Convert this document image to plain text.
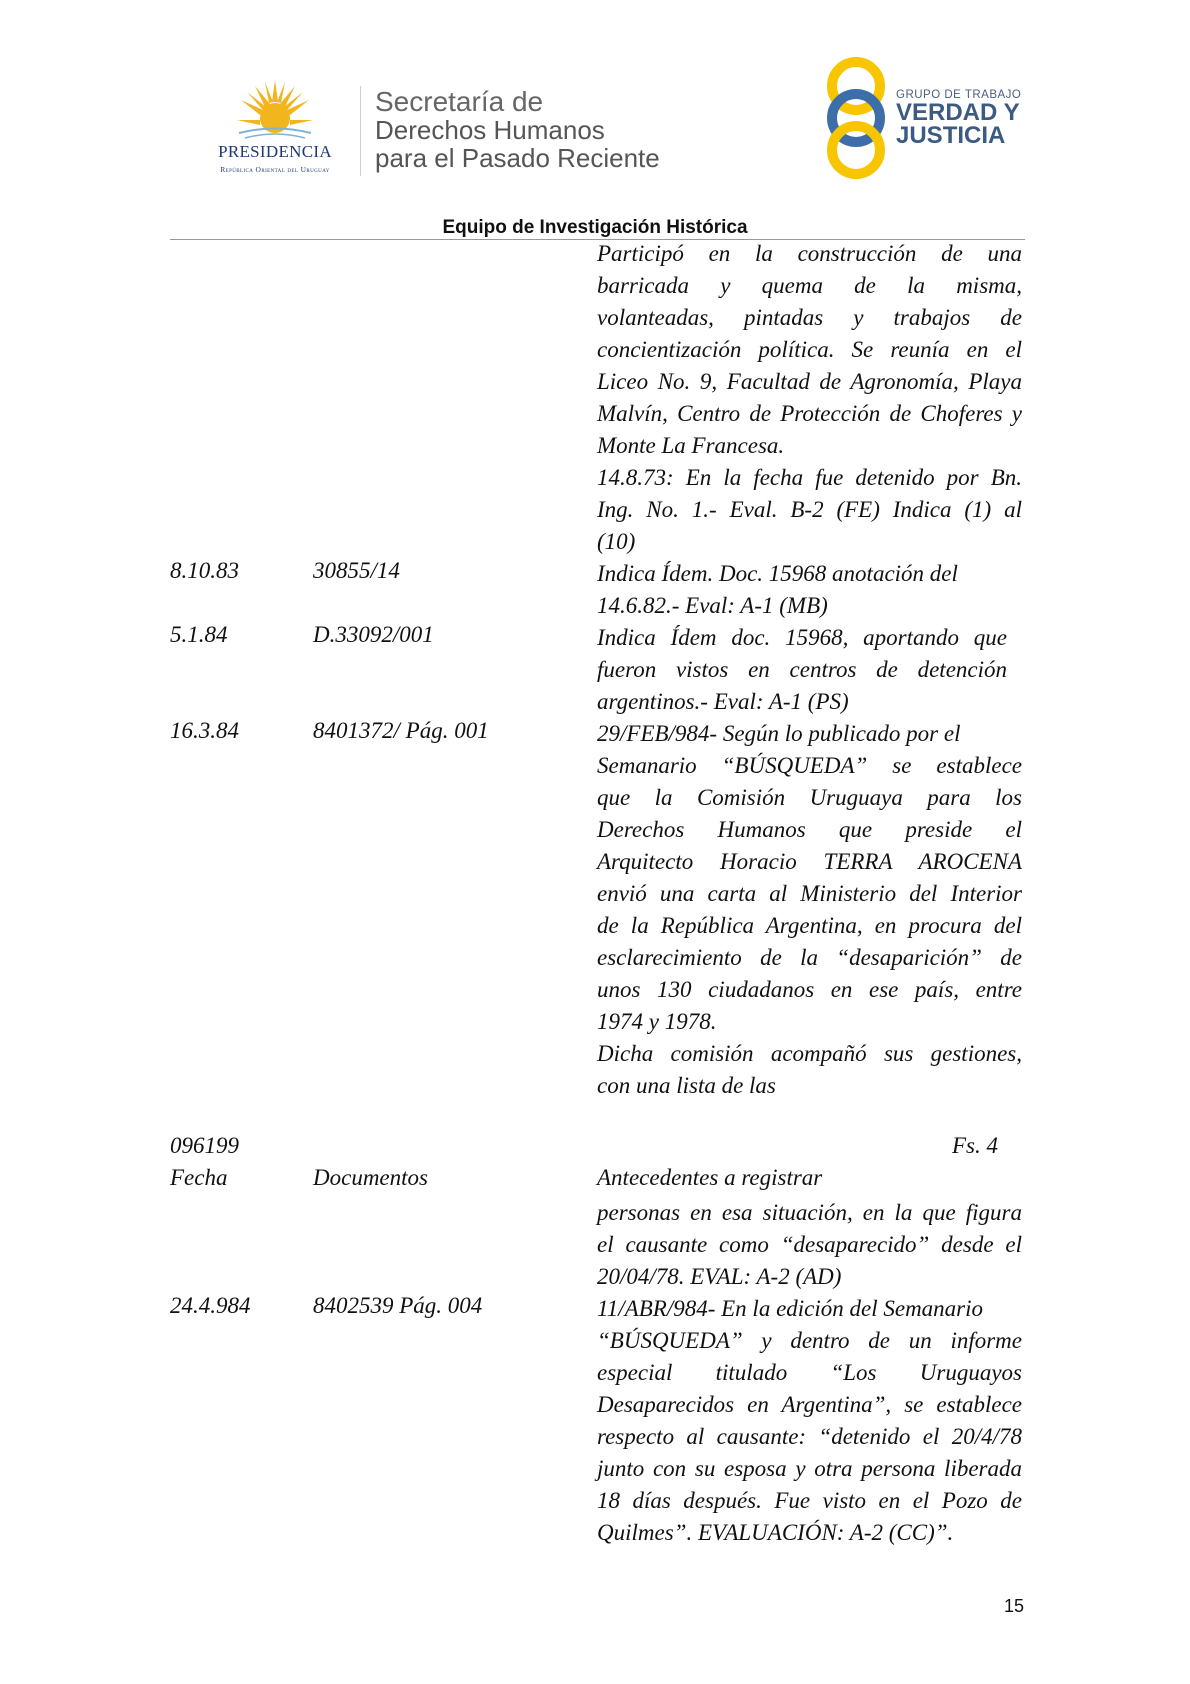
PRESIDENCIA
República Oriental del Uruguay
Secretaría de
Derechos Humanos
para el Pasado Reciente
GRUPO DE TRABAJO
VERDAD Y
JUSTICIA
Equipo de Investigación Histórica
Participó en la construcción de una
barricada y quema de la misma,
volanteadas, pintadas y trabajos de
concientización política. Se reunía en el
Liceo No. 9, Facultad de Agronomía, Playa
Malvín, Centro de Protección de Choferes y
Monte La Francesa.
14.8.73: En la fecha fue detenido por Bn.
Ing. No. 1.- Eval. B-2 (FE) Indica (1) al
(10)
8.10.83	30855/14	Indica Ídem. Doc. 15968 anotación del
14.6.82.- Eval: A-1 (MB)
5.1.84	D.33092/001	Indica Ídem doc. 15968, aportando que
fueron vistos en centros de detención
argentinos.- Eval: A-1 (PS)
16.3.84	8401372/ Pág. 001	29/FEB/984- Según lo publicado por el
Semanario “BÚSQUEDA” se establece
que la Comisión Uruguaya para los
Derechos Humanos que preside el
Arquitecto Horacio TERRA AROCENA
envió una carta al Ministerio del Interior
de la República Argentina, en procura del
esclarecimiento de la “desaparición” de
unos 130 ciudadanos en ese país, entre
1974 y 1978.
Dicha comisión acompañó sus gestiones,
con una lista de las
096199	Fs. 4
Fecha	Documentos	Antecedentes a registrar
personas en esa situación, en la que figura
el causante como “desaparecido” desde el
20/04/78. EVAL: A-2 (AD)
24.4.984	8402539 Pág. 004	11/ABR/984- En la edición del Semanario
“BÚSQUEDA” y dentro de un informe
especial titulado “Los Uruguayos
Desaparecidos en Argentina”, se establece
respecto al causante: “detenido el 20/4/78
junto con su esposa y otra persona liberada
18 días después. Fue visto en el Pozo de
Quilmes”. EVALUACIÓN: A-2 (CC)”.
15
